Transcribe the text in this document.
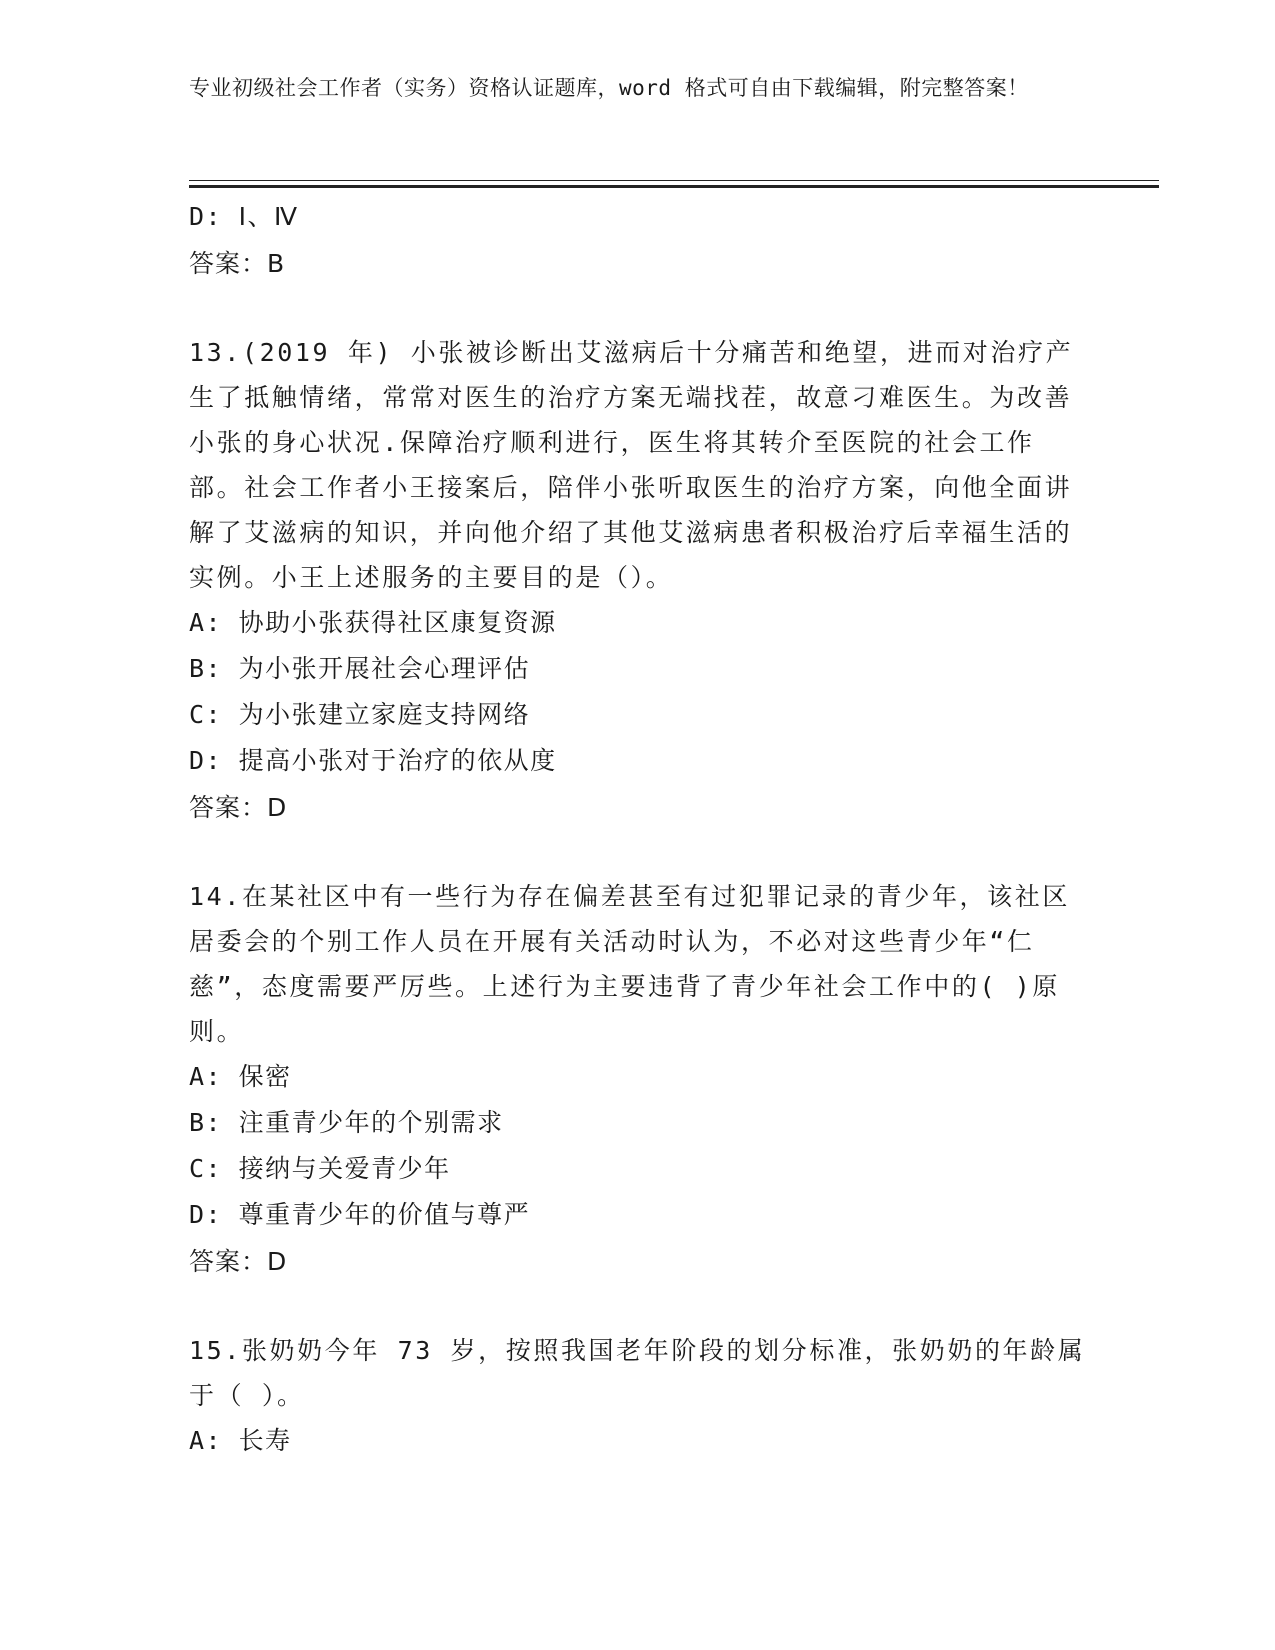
专业初级社会工作者（实务）资格认证题库，word 格式可自由下载编辑，附完整答案！
D: Ⅰ、Ⅳ
答案：B
13.(2019 年) 小张被诊断出艾滋病后十分痛苦和绝望，进而对治疗产生了抵触情绪，常常对医生的治疗方案无端找茬，故意刁难医生。为改善小张的身心状况.保障治疗顺利进行，医生将其转介至医院的社会工作部。社会工作者小王接案后，陪伴小张听取医生的治疗方案，向他全面讲解了艾滋病的知识，并向他介绍了其他艾滋病患者积极治疗后幸福生活的实例。小王上述服务的主要目的是（）。
A: 协助小张获得社区康复资源
B: 为小张开展社会心理评估
C: 为小张建立家庭支持网络
D: 提高小张对于治疗的依从度
答案：D
14.在某社区中有一些行为存在偏差甚至有过犯罪记录的青少年，该社区居委会的个别工作人员在开展有关活动时认为，不必对这些青少年“仁慈”，态度需要严厉些。上述行为主要违背了青少年社会工作中的( )原则。
A: 保密
B: 注重青少年的个别需求
C: 接纳与关爱青少年
D: 尊重青少年的价值与尊严
答案：D
15.张奶奶今年 73 岁，按照我国老年阶段的划分标准，张奶奶的年龄属于（ ）。
A: 长寿
